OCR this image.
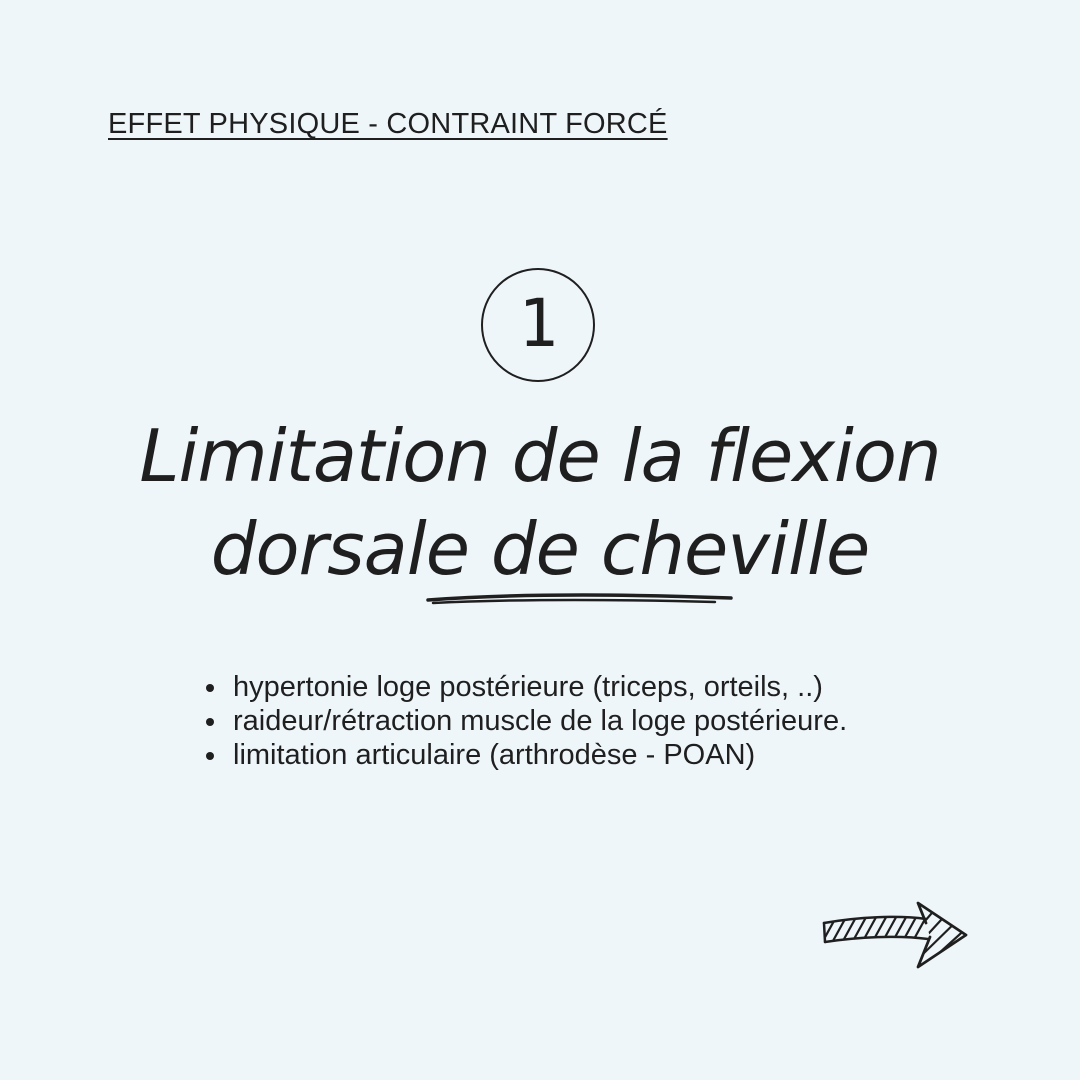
EFFET PHYSIQUE - CONTRAINT FORCÉ
1
Limitation de la flexion
dorsale de cheville
hypertonie loge postérieure (triceps, orteils, ..)
raideur/rétraction muscle de la loge postérieure.
limitation articulaire (arthrodèse - POAN)
